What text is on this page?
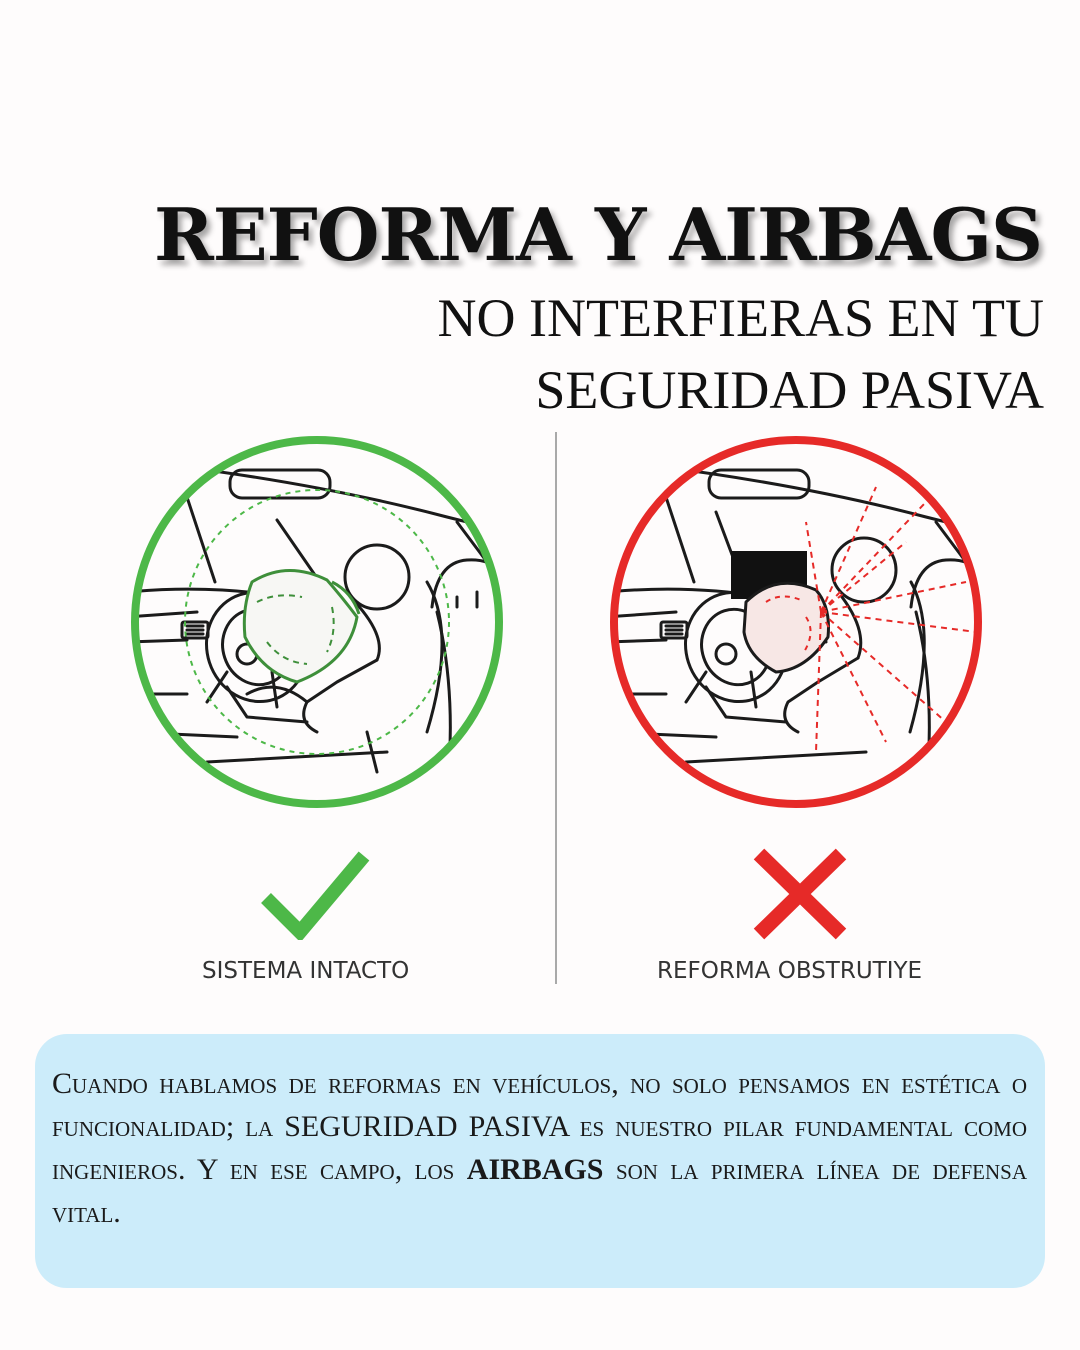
REFORMA Y AIRBAGS
NO INTERFIERAS EN TU
SEGURIDAD PASIVA
SISTEMA INTACTO	REFORMA OBSTRUTIYE

Cuando hablamos de reformas en vehículos, no solo pensamos en estética o funcionalidad; la SEGURIDAD PASIVA es nuestro pilar fundamental como ingenieros. Y en ese campo, los AIRBAGS son la primera línea de defensa vital.
